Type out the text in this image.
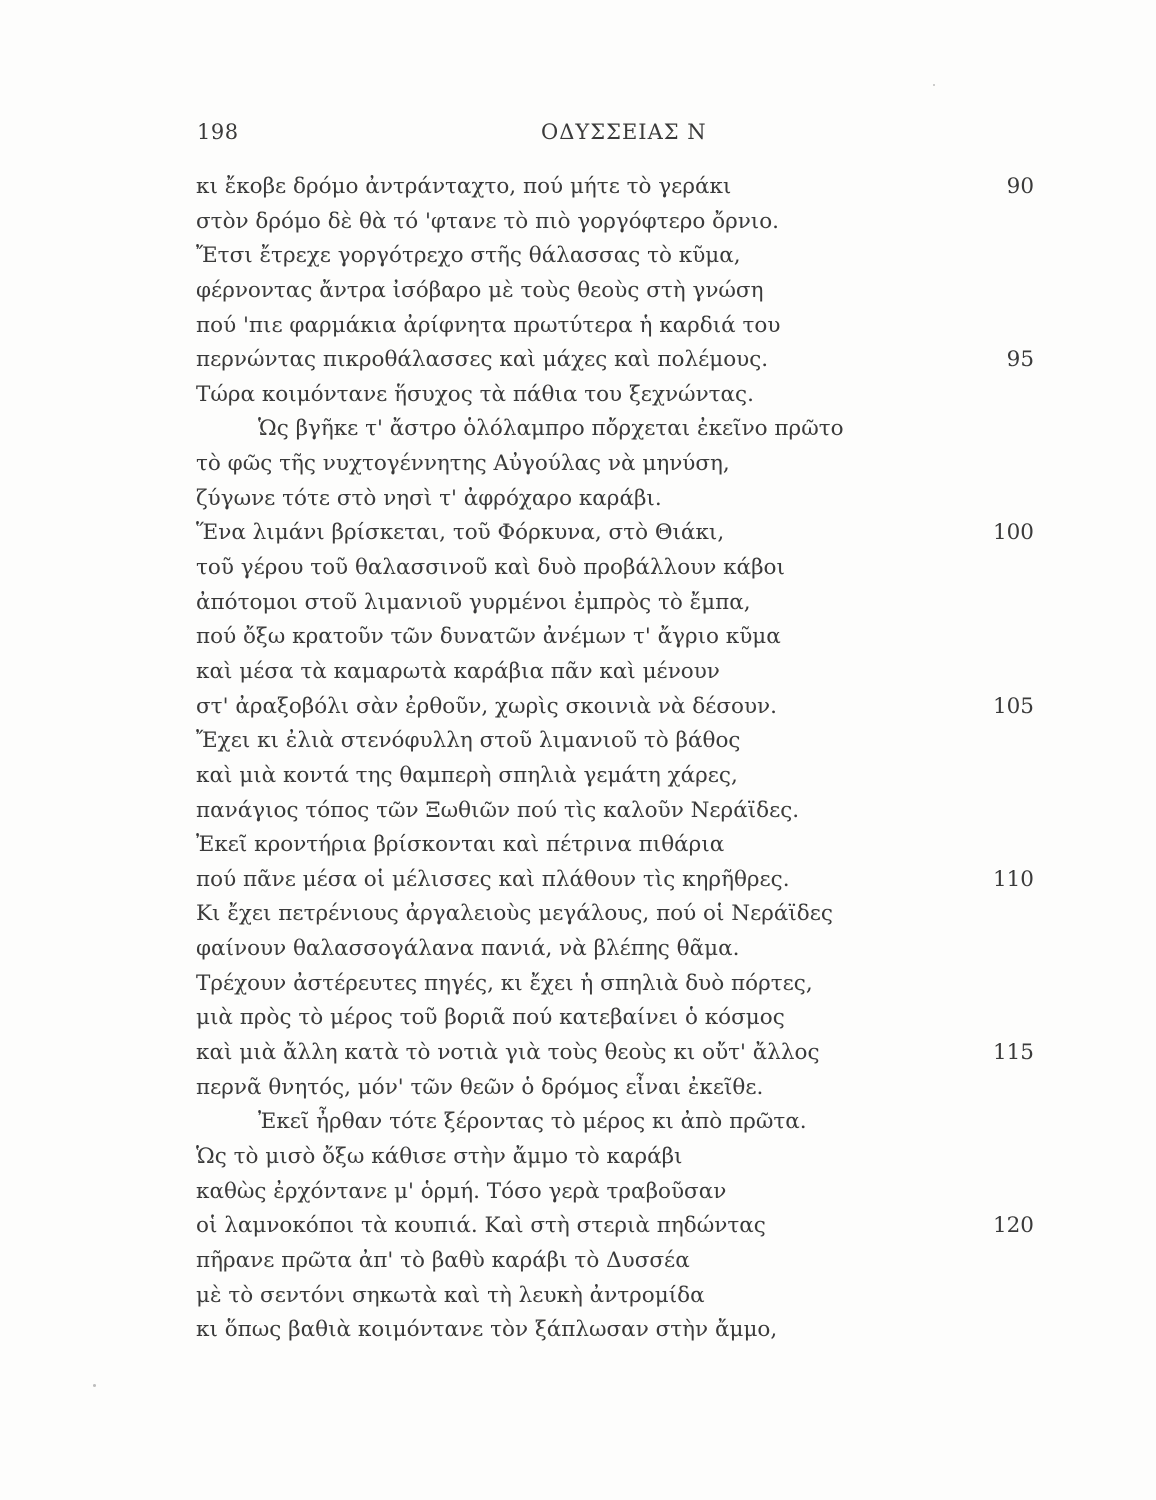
198	ΟΔΥΣΣΕΙΑΣ Ν
κι ἔκοβε δρόμο ἀντράνταχτο, πού μήτε τὸ γεράκι	90
στὸν δρόμο δὲ θὰ τό 'φτανε τὸ πιὸ γοργόφτερο ὄρνιο.
Ἔτσι ἔτρεχε γοργότρεχο στῆς θάλασσας τὸ κῦμα,
φέρνοντας ἄντρα ἰσόβαρο μὲ τοὺς θεοὺς στὴ γνώση
πού 'πιε φαρμάκια ἀρίφνητα πρωτύτερα ἡ καρδιά του
περνώντας πικροθάλασσες καὶ μάχες καὶ πολέμους.	95
Τώρα κοιμόντανε ἥσυχος τὰ πάθια του ξεχνώντας.
Ὡς βγῆκε τ' ἄστρο ὁλόλαμπρο πὄρχεται ἐκεῖνο πρῶτο
τὸ φῶς τῆς νυχτογέννητης Αὐγούλας νὰ μηνύση,
ζύγωνε τότε στὸ νησὶ τ' ἀφρόχαρο καράβι.
Ἕνα λιμάνι βρίσκεται, τοῦ Φόρκυνα, στὸ Θιάκι,	100
τοῦ γέρου τοῦ θαλασσινοῦ καὶ δυὸ προβάλλουν κάβοι
ἀπότομοι στοῦ λιμανιοῦ γυρμένοι ἐμπρὸς τὸ ἔμπα,
πού ὄξω κρατοῦν τῶν δυνατῶν ἀνέμων τ' ἄγριο κῦμα
καὶ μέσα τὰ καμαρωτὰ καράβια πᾶν καὶ μένουν
στ' ἀραξοβόλι σὰν ἐρθοῦν, χωρὶς σκοινιὰ νὰ δέσουν.	105
Ἔχει κι ἐλιὰ στενόφυλλη στοῦ λιμανιοῦ τὸ βάθος
καὶ μιὰ κοντά της θαμπερὴ σπηλιὰ γεμάτη χάρες,
πανάγιος τόπος τῶν Ξωθιῶν πού τὶς καλοῦν Νεράϊδες.
Ἐκεῖ κροντήρια βρίσκονται καὶ πέτρινα πιθάρια
πού πᾶνε μέσα οἱ μέλισσες καὶ πλάθουν τὶς κηρῆθρες.	110
Κι ἔχει πετρένιους ἀργαλειοὺς μεγάλους, πού οἱ Νεράϊδες
φαίνουν θαλασσογάλανα πανιά, νὰ βλέπης θᾶμα.
Τρέχουν ἀστέρευτες πηγές, κι ἔχει ἡ σπηλιὰ δυὸ πόρτες,
μιὰ πρὸς τὸ μέρος τοῦ βοριᾶ πού κατεβαίνει ὁ κόσμος
καὶ μιὰ ἄλλη κατὰ τὸ νοτιὰ γιὰ τοὺς θεοὺς κι οὔτ' ἄλλος	115
περνᾶ θνητός, μόν' τῶν θεῶν ὁ δρόμος εἶναι ἐκεῖθε.
Ἐκεῖ ἦρθαν τότε ξέροντας τὸ μέρος κι ἀπὸ πρῶτα.
Ὡς τὸ μισὸ ὄξω κάθισε στὴν ἄμμο τὸ καράβι
καθὼς ἐρχόντανε μ' ὁρμή. Τόσο γερὰ τραβοῦσαν
οἱ λαμνοκόποι τὰ κουπιά. Καὶ στὴ στεριὰ πηδώντας	120
πῆρανε πρῶτα ἀπ' τὸ βαθὺ καράβι τὸ Δυσσέα
μὲ τὸ σεντόνι σηκωτὰ καὶ τὴ λευκὴ ἀντρομίδα
κι ὅπως βαθιὰ κοιμόντανε τὸν ξάπλωσαν στὴν ἄμμο,
